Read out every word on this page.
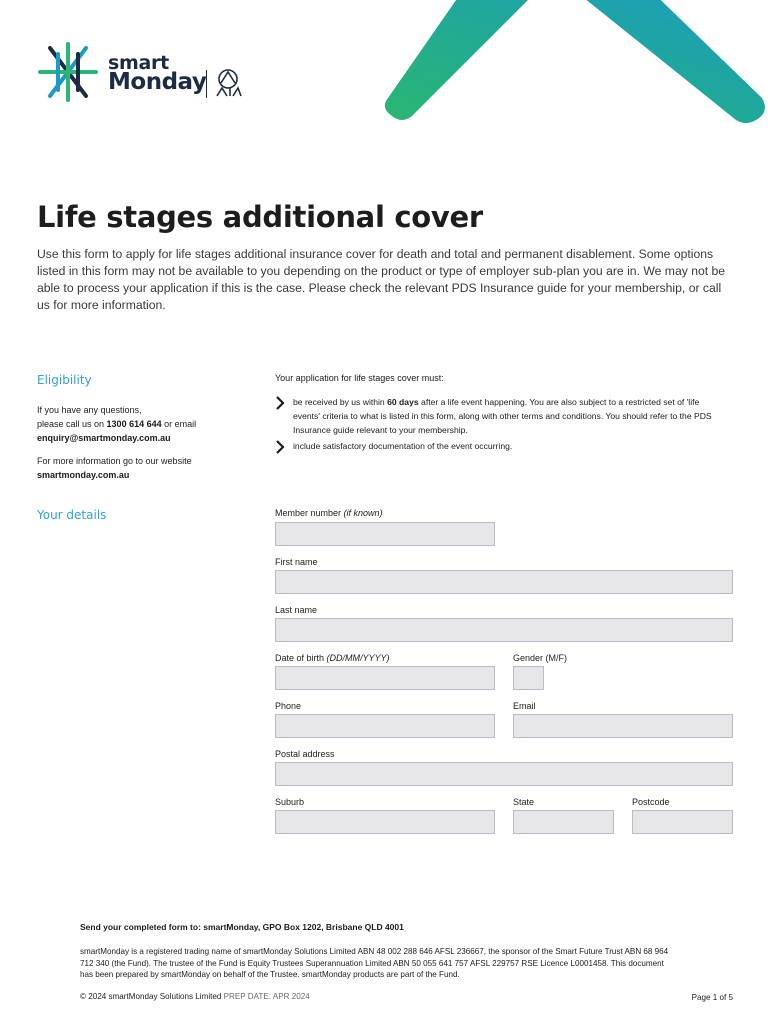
smart
Monday
Life stages additional cover

Use this form to apply for life stages additional insurance cover for death and total and permanent disablement. Some options listed in this form may not be available to you depending on the product or type of employer sub-plan you are in. We may not be able to process your application if this is the case. Please check the relevant PDS Insurance guide for your membership, or call us for more information.

Eligibility
If you have any questions,
please call us on 1300 614 644 or email
enquiry@smartmonday.com.au
For more information go to our website
smartmonday.com.au
Your application for life stages cover must:
be received by us within 60 days after a life event happening. You are also subject to a restricted set of 'life events' criteria to what is listed in this form, along with other terms and conditions. You should refer to the PDS Insurance guide relevant to your membership.
include satisfactory documentation of the event occurring.
Your details	Member number (if known)
First name
Last name
Date of birth (DD/MM/YYYY)	Gender (M/F)
Phone	Email
Postal address
Suburb	State	Postcode
Send your completed form to: smartMonday, GPO Box 1202, Brisbane QLD 4001
smartMonday is a registered trading name of smartMonday Solutions Limited ABN 48 002 288 646 AFSL 236667, the sponsor of the Smart Future Trust ABN 68 964 712 340 (the Fund). The trustee of the Fund is Equity Trustees Superannuation Limited ABN 50 055 641 757 AFSL 229757 RSE Licence L0001458. This document has been prepared by smartMonday on behalf of the Trustee. smartMonday products are part of the Fund.
© 2024 smartMonday Solutions Limited PREP DATE: APR 2024	Page 1 of 5
